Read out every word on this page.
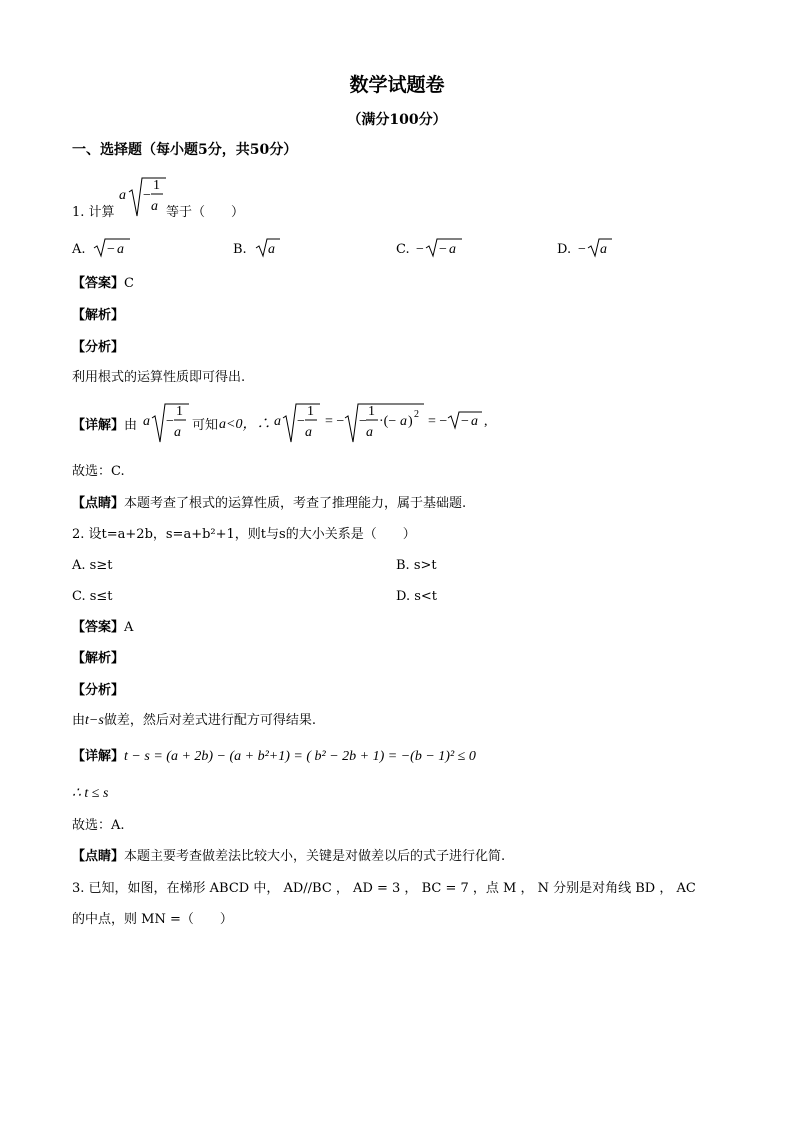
数学试题卷
（满分100分）
一、选择题（每小题5分，共50分）
1. 计算
a −
1
a 等于（　　）
A. − a	B. a	C. − − a	D. − a
【答案】C
【解析】
【分析】
利用根式的运算性质即可得出.
【详解】由 a −
1
a 可知 a<0，∴ a −
1
a
= − −
1
a
·(− a ) 2 = − − a ,
故选：C.
【点睛】本题考查了根式的运算性质，考查了推理能力，属于基础题.
2. 设t=a+2b，s=a+b²+1，则t与s的大小关系是（　　）
A. s≥t	B. s>t
C. s≤t	D. s<t
【答案】A
【解析】
【分析】
由t−s做差，然后对差式进行配方可得结果.
【详解】t − s = (a + 2b) − (a + b²+1) = ( b² − 2b + 1) = −(b − 1)² ≤ 0
∴ t ≤ s
故选：A.
【点睛】本题主要考查做差法比较大小，关键是对做差以后的式子进行化简.
3. 已知，如图，在梯形 ABCD 中， AD//BC ， AD = 3 ， BC = 7 ，点 M ， N 分别是对角线 BD ， AC
的中点，则 MN =（　　）
